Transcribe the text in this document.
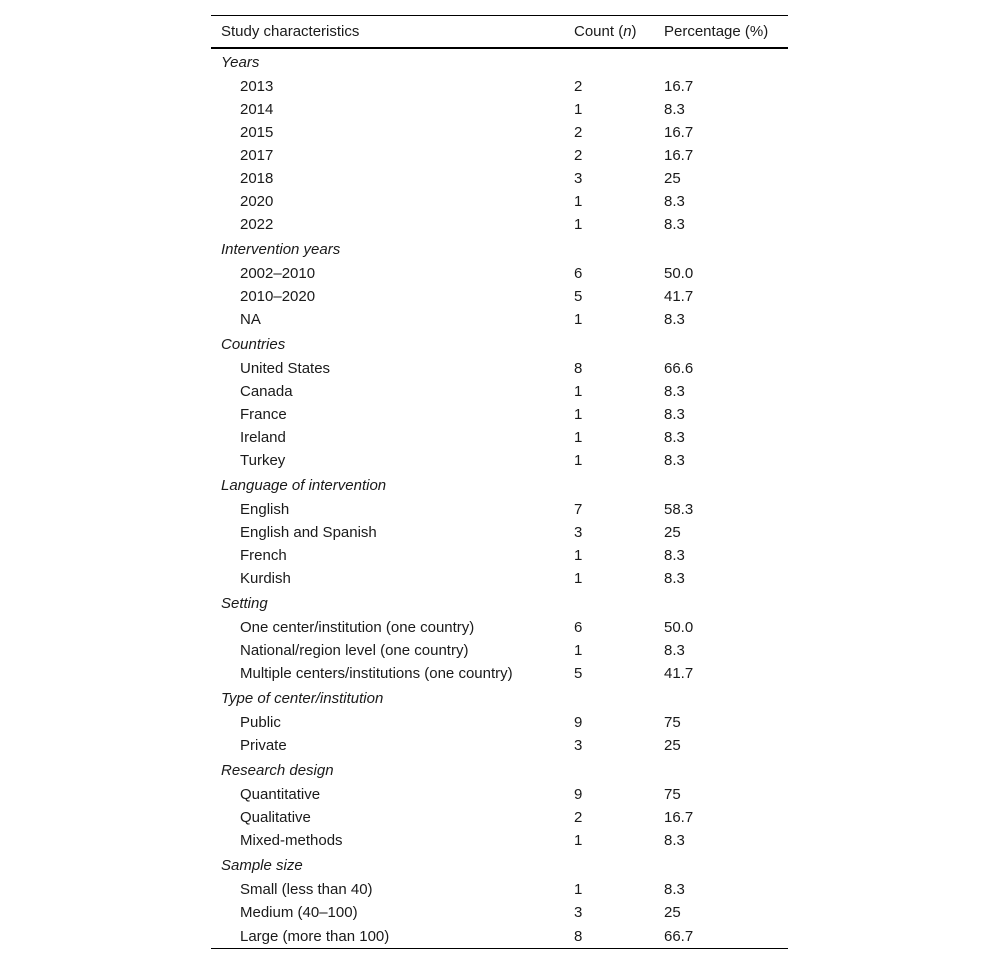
Study characteristics	Count (n)	Percentage (%)
Years		
2013	2	16.7
2014	1	8.3
2015	2	16.7
2017	2	16.7
2018	3	25
2020	1	8.3
2022	1	8.3
Intervention years		
2002–2010	6	50.0
2010–2020	5	41.7
NA	1	8.3
Countries		
United States	8	66.6
Canada	1	8.3
France	1	8.3
Ireland	1	8.3
Turkey	1	8.3
Language of intervention		
English	7	58.3
English and Spanish	3	25
French	1	8.3
Kurdish	1	8.3
Setting		
One center/institution (one country)	6	50.0
National/region level (one country)	1	8.3
Multiple centers/institutions (one country)	5	41.7
Type of center/institution		
Public	9	75
Private	3	25
Research design		
Quantitative	9	75
Qualitative	2	16.7
Mixed-methods	1	8.3
Sample size		
Small (less than 40)	1	8.3
Medium (40–100)	3	25
Large (more than 100)	8	66.7
